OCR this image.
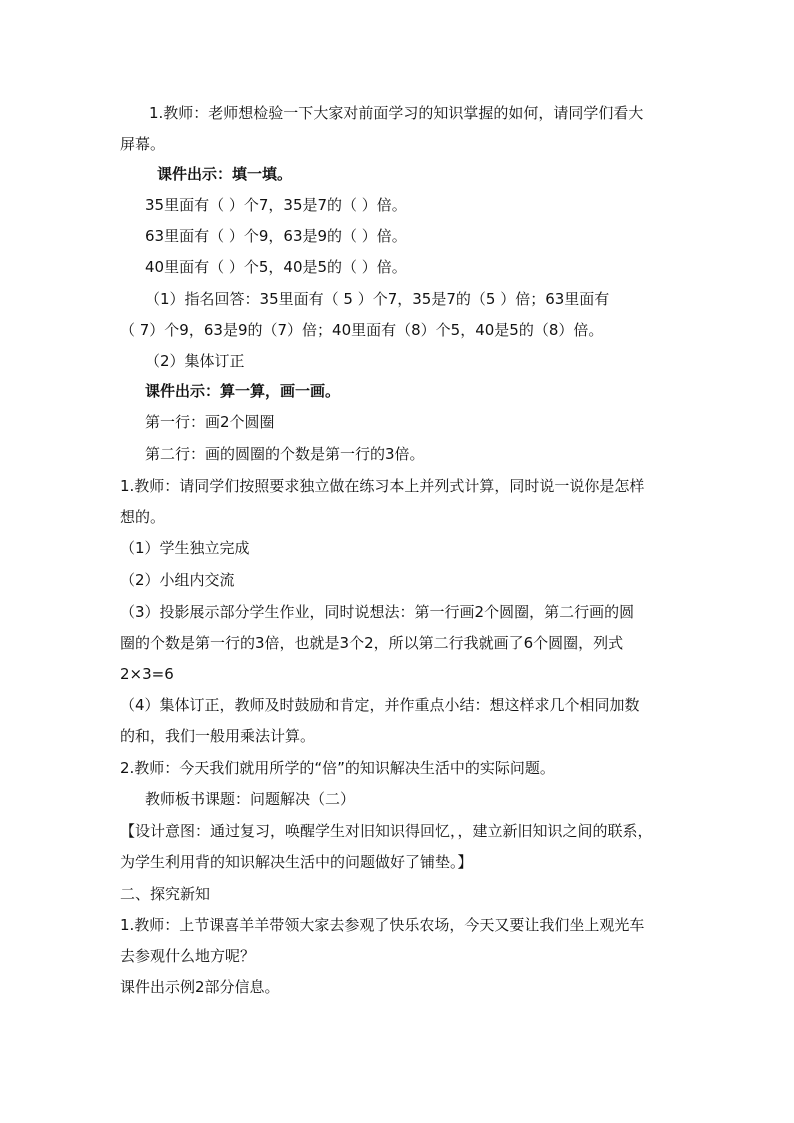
1.教师：老师想检验一下大家对前面学习的知识掌握的如何，请同学们看大
屏幕。
课件出示：填一填。
35里面有（ ）个7，35是7的（ ）倍。
63里面有（ ）个9，63是9的（ ）倍。
40里面有（ ）个5，40是5的（ ）倍。
（1）指名回答：35里面有（ 5 ）个7，35是7的（5 ）倍；63里面有
（ 7）个9，63是9的（7）倍；40里面有（8）个5，40是5的（8）倍。
（2）集体订正
课件出示：算一算，画一画。
第一行：画2个圆圈
第二行：画的圆圈的个数是第一行的3倍。
1.教师：请同学们按照要求独立做在练习本上并列式计算，同时说一说你是怎样
想的。
（1）学生独立完成
（2）小组内交流
（3）投影展示部分学生作业，同时说想法：第一行画2个圆圈，第二行画的圆
圈的个数是第一行的3倍，也就是3个2，所以第二行我就画了6个圆圈，列式
2×3=6
（4）集体订正，教师及时鼓励和肯定，并作重点小结：想这样求几个相同加数
的和，我们一般用乘法计算。
2.教师：今天我们就用所学的“倍”的知识解决生活中的实际问题。
教师板书课题：问题解决（二）
【设计意图：通过复习，唤醒学生对旧知识得回忆，，建立新旧知识之间的联系，
为学生利用背的知识解决生活中的问题做好了铺垫。】
二、探究新知
1.教师：上节课喜羊羊带领大家去参观了快乐农场，今天又要让我们坐上观光车
去参观什么地方呢？
课件出示例2部分信息。
